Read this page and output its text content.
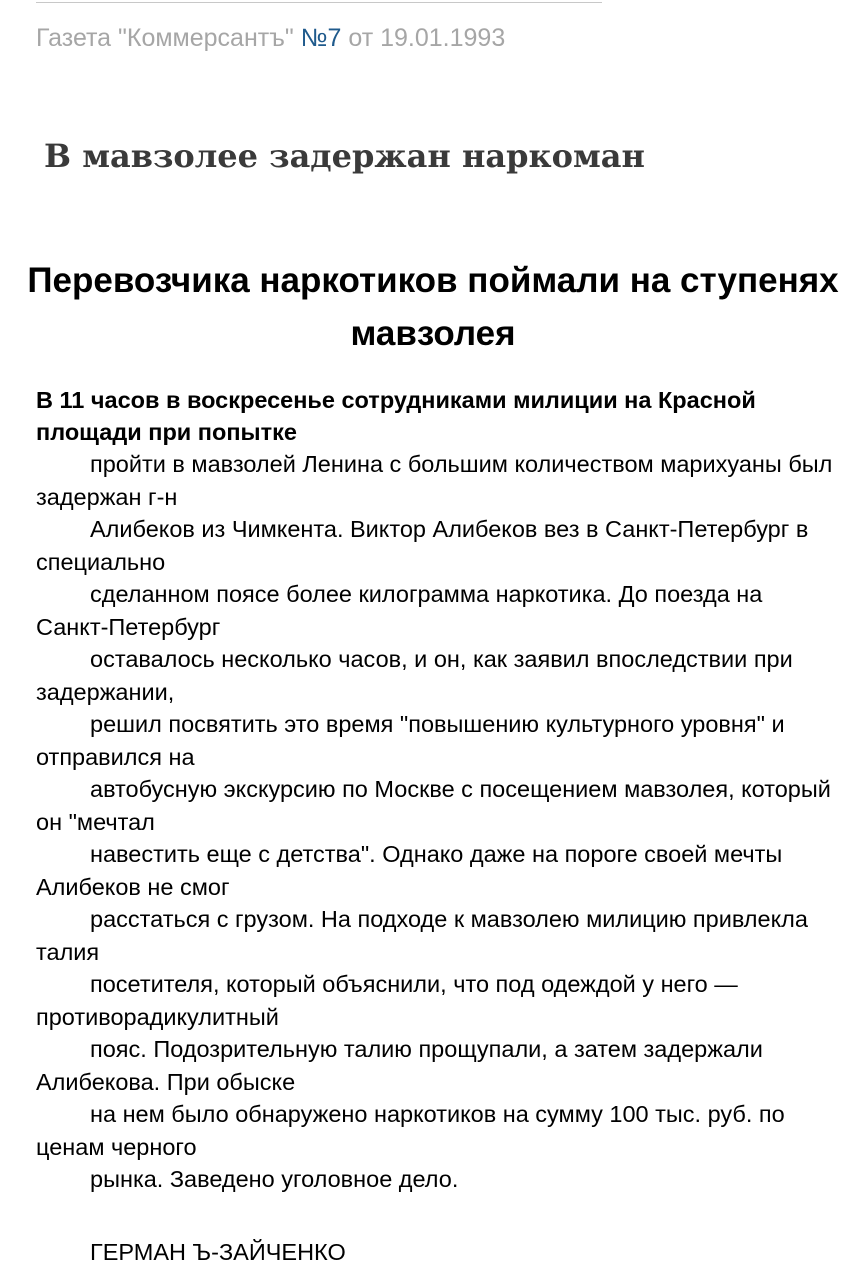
Газета "Коммерсантъ" №7 от 19.01.1993
В мавзолее задержан наркоман
Перевозчика наркотиков поймали на ступенях мавзолея

В 11 часов в воскресенье сотрудниками милиции на Красной площади при попытке

пройти в мавзолей Ленина с большим количеством марихуаны был задержан г-н

Алибеков из Чимкента. Виктор Алибеков вез в Санкт-Петербург в специально

сделанном поясе более килограмма наркотика. До поезда на Санкт-Петербург

оставалось несколько часов, и он, как заявил впоследствии при задержании,

решил посвятить это время "повышению культурного уровня" и отправился на

автобусную экскурсию по Москве с посещением мавзолея, который он "мечтал

навестить еще с детства". Однако даже на пороге своей мечты Алибеков не смог

расстаться с грузом. На подходе к мавзолею милицию привлекла талия

посетителя, который объяснили, что под одеждой у него — противорадикулитный

пояс. Подозрительную талию прощупали, а затем задержали Алибекова. При обыске

на нем было обнаружено наркотиков на сумму 100 тыс. руб. по ценам черного

рынка. Заведено уголовное дело.

ГЕРМАН Ъ-ЗАЙЧЕНКО
